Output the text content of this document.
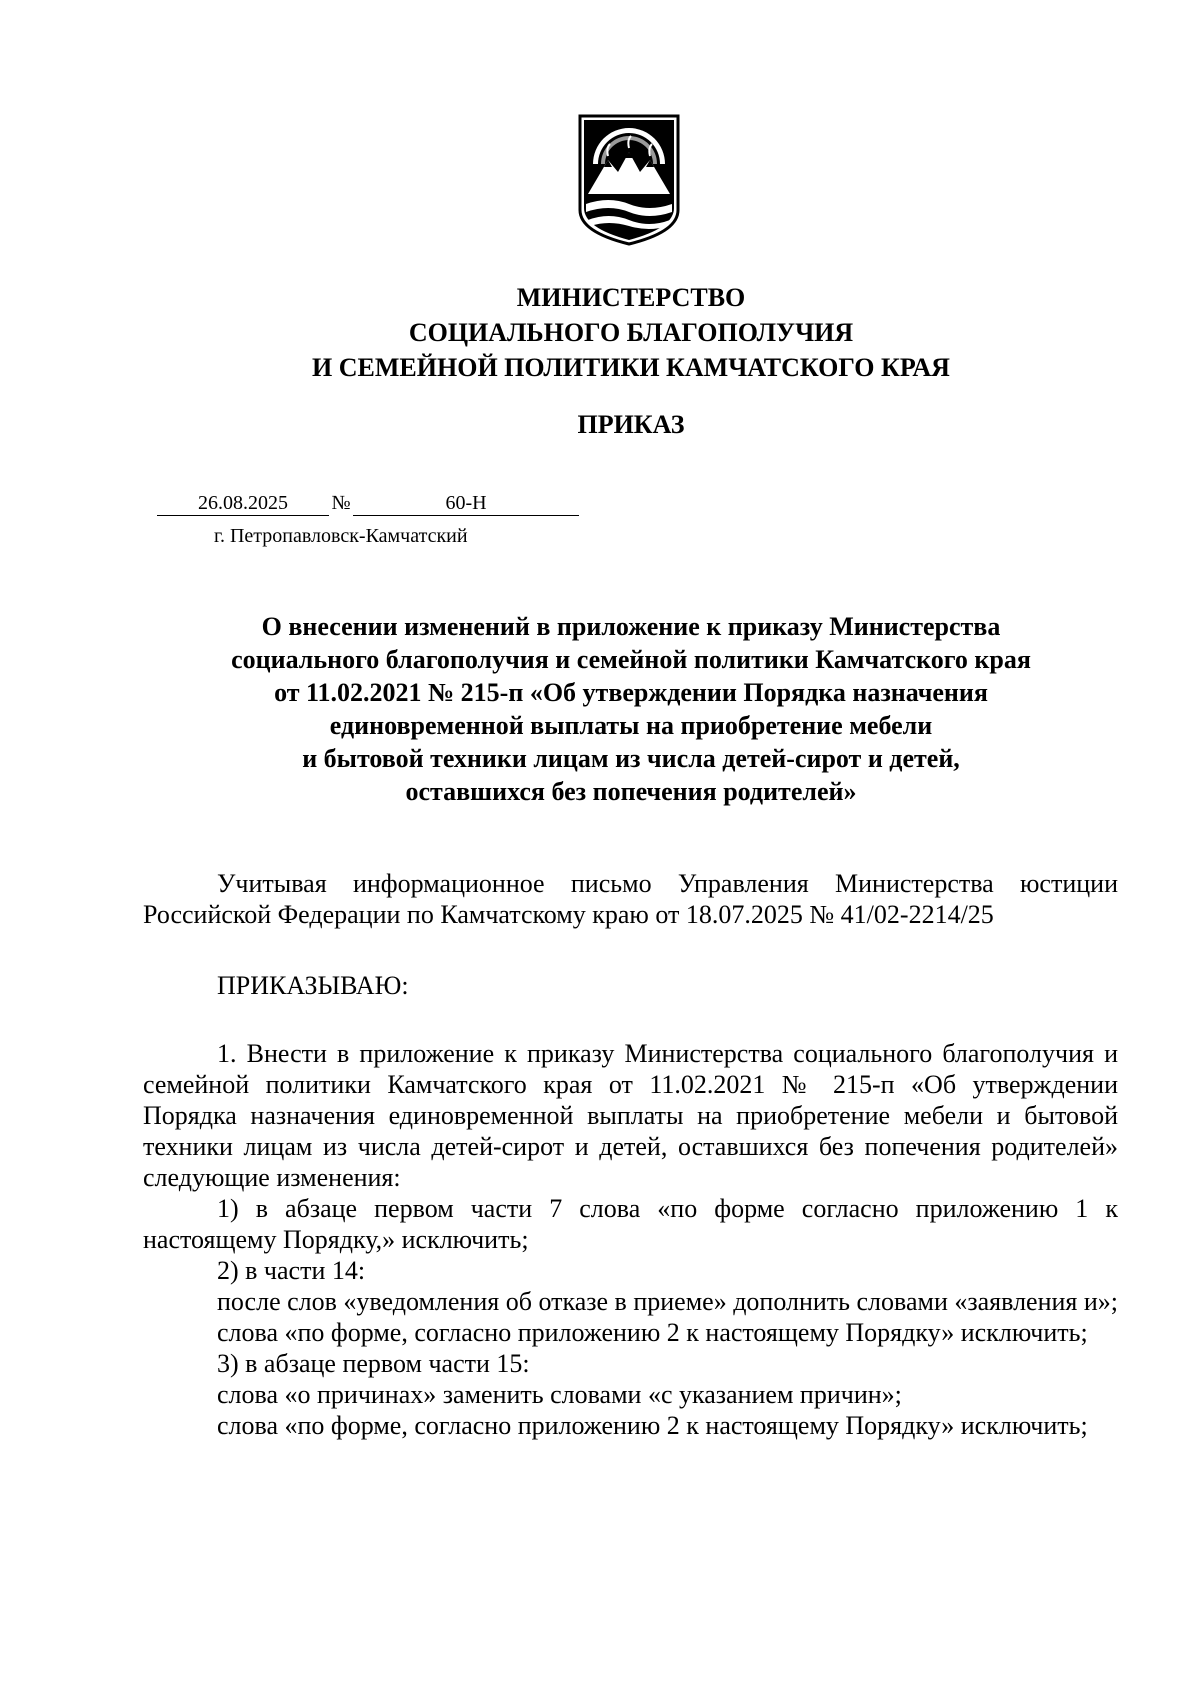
МИНИСТЕРСТВО
СОЦИАЛЬНОГО БЛАГОПОЛУЧИЯ
И СЕМЕЙНОЙ ПОЛИТИКИ КАМЧАТСКОГО КРАЯ
ПРИКАЗ
26.08.2025	№	60-Н
г. Петропавловск-Камчатский
О внесении изменений в приложение к приказу Министерства
социального благополучия и семейной политики Камчатского края
от 11.02.2021 № 215-п «Об утверждении Порядка назначения
единовременной выплаты на приобретение мебели
и бытовой техники лицам из числа детей-сирот и детей,
оставшихся без попечения родителей»

Учитывая информационное письмо Управления Министерства юстиции Российской Федерации по Камчатскому краю от 18.07.2025 № 41/02-2214/25

ПРИКАЗЫВАЮ:

1. Внести в приложение к приказу Министерства социального благополучия и семейной политики Камчатского края от 11.02.2021 № 215-п «Об утверждении Порядка назначения единовременной выплаты на приобретение мебели и бытовой техники лицам из числа детей-сирот и детей, оставшихся без попечения родителей» следующие изменения:

1) в абзаце первом части 7 слова «по форме согласно приложению 1 к настоящему Порядку,» исключить;

2) в части 14:

после слов «уведомления об отказе в приеме» дополнить словами «заявления и»;

слова «по форме, согласно приложению 2 к настоящему Порядку» исключить;

3) в абзаце первом части 15:

слова «о причинах» заменить словами «с указанием причин»;

слова «по форме, согласно приложению 2 к настоящему Порядку» исключить;
